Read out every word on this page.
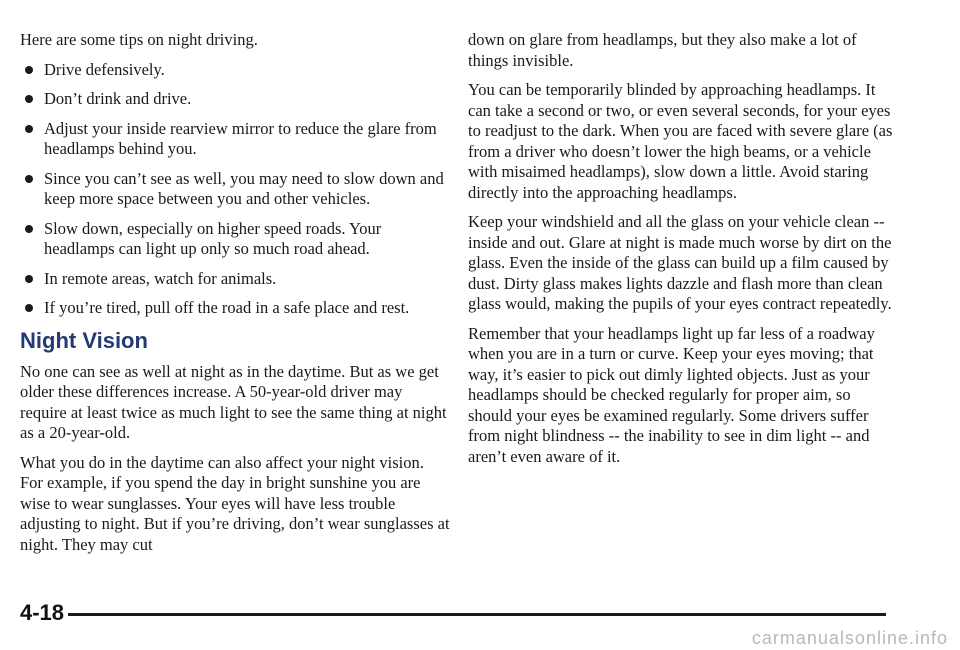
Here are some tips on night driving.

Drive defensively.
Don’t drink and drive.
Adjust your inside rearview mirror to reduce the glare from headlamps behind you.
Since you can’t see as well, you may need to slow down and keep more space between you and other vehicles.
Slow down, especially on higher speed roads. Your headlamps can light up only so much road ahead.
In remote areas, watch for animals.
If you’re tired, pull off the road in a safe place and rest.
Night Vision

No one can see as well at night as in the daytime. But as we get older these differences increase. A 50-year-old driver may require at least twice as much light to see the same thing at night as a 20-year-old.

What you do in the daytime can also affect your night vision. For example, if you spend the day in bright sunshine you are wise to wear sunglasses. Your eyes will have less trouble adjusting to night. But if you’re driving, don’t wear sunglasses at night. They may cut

down on glare from headlamps, but they also make a lot of things invisible.

You can be temporarily blinded by approaching headlamps. It can take a second or two, or even several seconds, for your eyes to readjust to the dark. When you are faced with severe glare (as from a driver who doesn’t lower the high beams, or a vehicle with misaimed headlamps), slow down a little. Avoid staring directly into the approaching headlamps.

Keep your windshield and all the glass on your vehicle clean -- inside and out. Glare at night is made much worse by dirt on the glass. Even the inside of the glass can build up a film caused by dust. Dirty glass makes lights dazzle and flash more than clean glass would, making the pupils of your eyes contract repeatedly.

Remember that your headlamps light up far less of a roadway when you are in a turn or curve. Keep your eyes moving; that way, it’s easier to pick out dimly lighted objects. Just as your headlamps should be checked regularly for proper aim, so should your eyes be examined regularly. Some drivers suffer from night blindness -- the inability to see in dim light -- and aren’t even aware of it.

4-18
carmanualsonline.info
